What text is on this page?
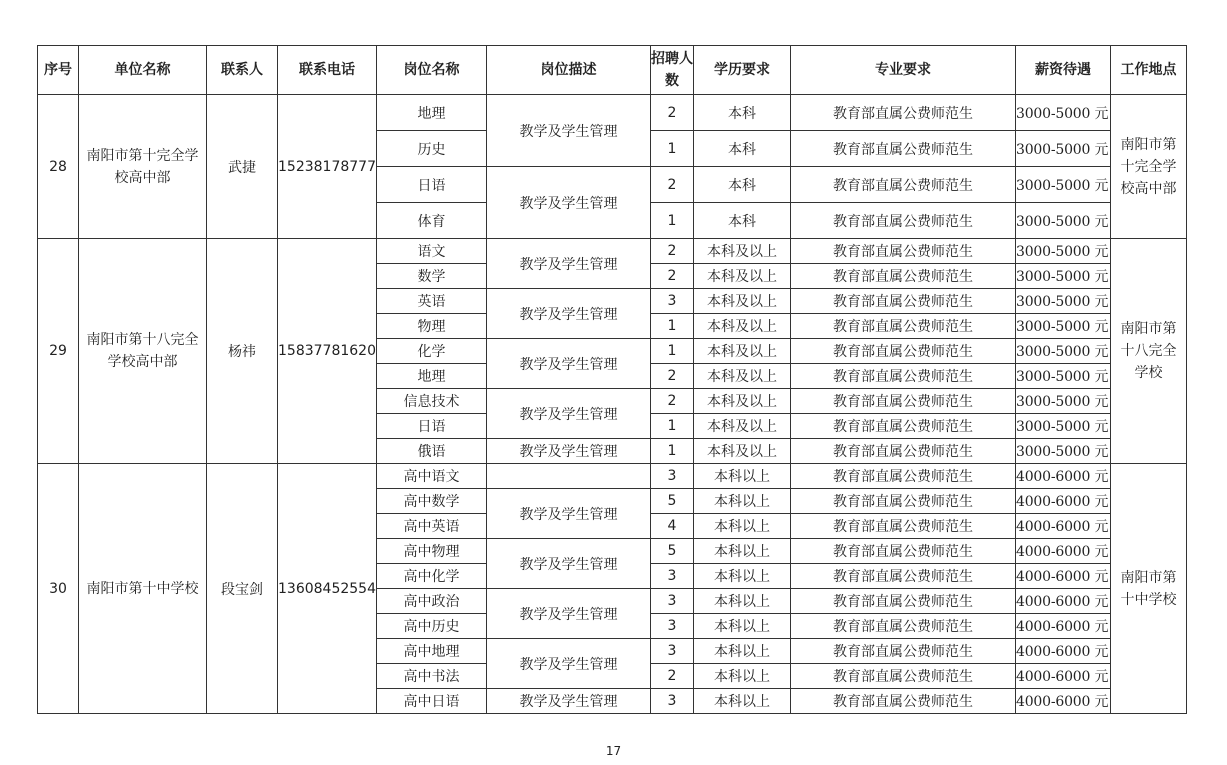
序号	单位名称	联系人	联系电话	岗位名称	岗位描述	招聘人数	学历要求	专业要求	薪资待遇	工作地点
28	南阳市第十完全学校高中部	武捷	15238178777	地理	教学及学生管理	2	本科	教育部直属公费师范生	3000-5000 元	南阳市第十完全学校高中部
				历史		1	本科	教育部直属公费师范生	3000-5000 元	
				日语	教学及学生管理	2	本科	教育部直属公费师范生	3000-5000 元	
				体育		1	本科	教育部直属公费师范生	3000-5000 元	
29	南阳市第十八完全学校高中部	杨祎	15837781620	语文	教学及学生管理	2	本科及以上	教育部直属公费师范生	3000-5000 元	南阳市第十八完全学校
				数学		2	本科及以上	教育部直属公费师范生	3000-5000 元	
				英语	教学及学生管理	3	本科及以上	教育部直属公费师范生	3000-5000 元	
				物理		1	本科及以上	教育部直属公费师范生	3000-5000 元	
				化学	教学及学生管理	1	本科及以上	教育部直属公费师范生	3000-5000 元	
				地理		2	本科及以上	教育部直属公费师范生	3000-5000 元	
				信息技术	教学及学生管理	2	本科及以上	教育部直属公费师范生	3000-5000 元	
				日语		1	本科及以上	教育部直属公费师范生	3000-5000 元	
				俄语	教学及学生管理	1	本科及以上	教育部直属公费师范生	3000-5000 元	
30	南阳市第十中学校	段宝剑	13608452554	高中语文		3	本科以上	教育部直属公费师范生	4000-6000 元	南阳市第十中学校
				高中数学	教学及学生管理	5	本科以上	教育部直属公费师范生	4000-6000 元	
				高中英语		4	本科以上	教育部直属公费师范生	4000-6000 元	
				高中物理	教学及学生管理	5	本科以上	教育部直属公费师范生	4000-6000 元	
				高中化学		3	本科以上	教育部直属公费师范生	4000-6000 元	
				高中政治	教学及学生管理	3	本科以上	教育部直属公费师范生	4000-6000 元	
				高中历史		3	本科以上	教育部直属公费师范生	4000-6000 元	
				高中地理	教学及学生管理	3	本科以上	教育部直属公费师范生	4000-6000 元	
				高中书法		2	本科以上	教育部直属公费师范生	4000-6000 元	
				高中日语	教学及学生管理	3	本科以上	教育部直属公费师范生	4000-6000 元	
17
